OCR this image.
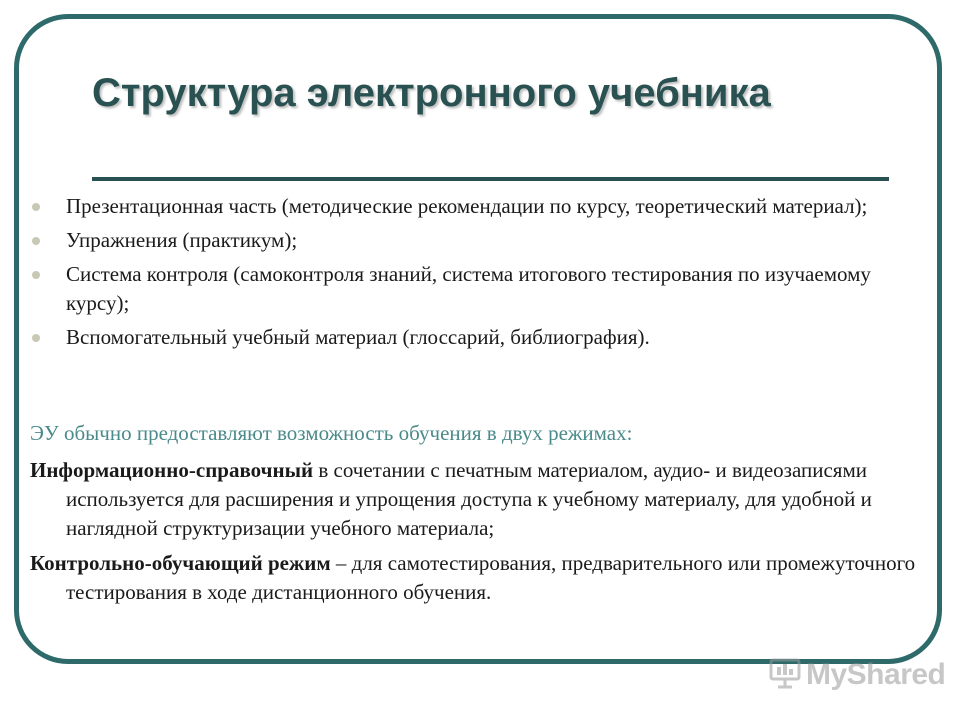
Структура электронного учебника
Презентационная часть (методические рекомендации по курсу, теоретический материал);
Упражнения (практикум);
Система контроля (самоконтроля знаний, система итогового тестирования по изучаемому курсу);
Вспомогательный учебный материал (глоссарий, библиография).

ЭУ обычно предоставляют возможность обучения в двух режимах:

Информационно-справочный в сочетании с печатным материалом, аудио- и видеозаписями используется для расширения и упрощения доступа к учебному материалу, для удобной и наглядной структуризации учебного материала;

Контрольно-обучающий режим – для самотестирования, предварительного или промежуточного тестирования в ходе дистанционного обучения.

MyShared
